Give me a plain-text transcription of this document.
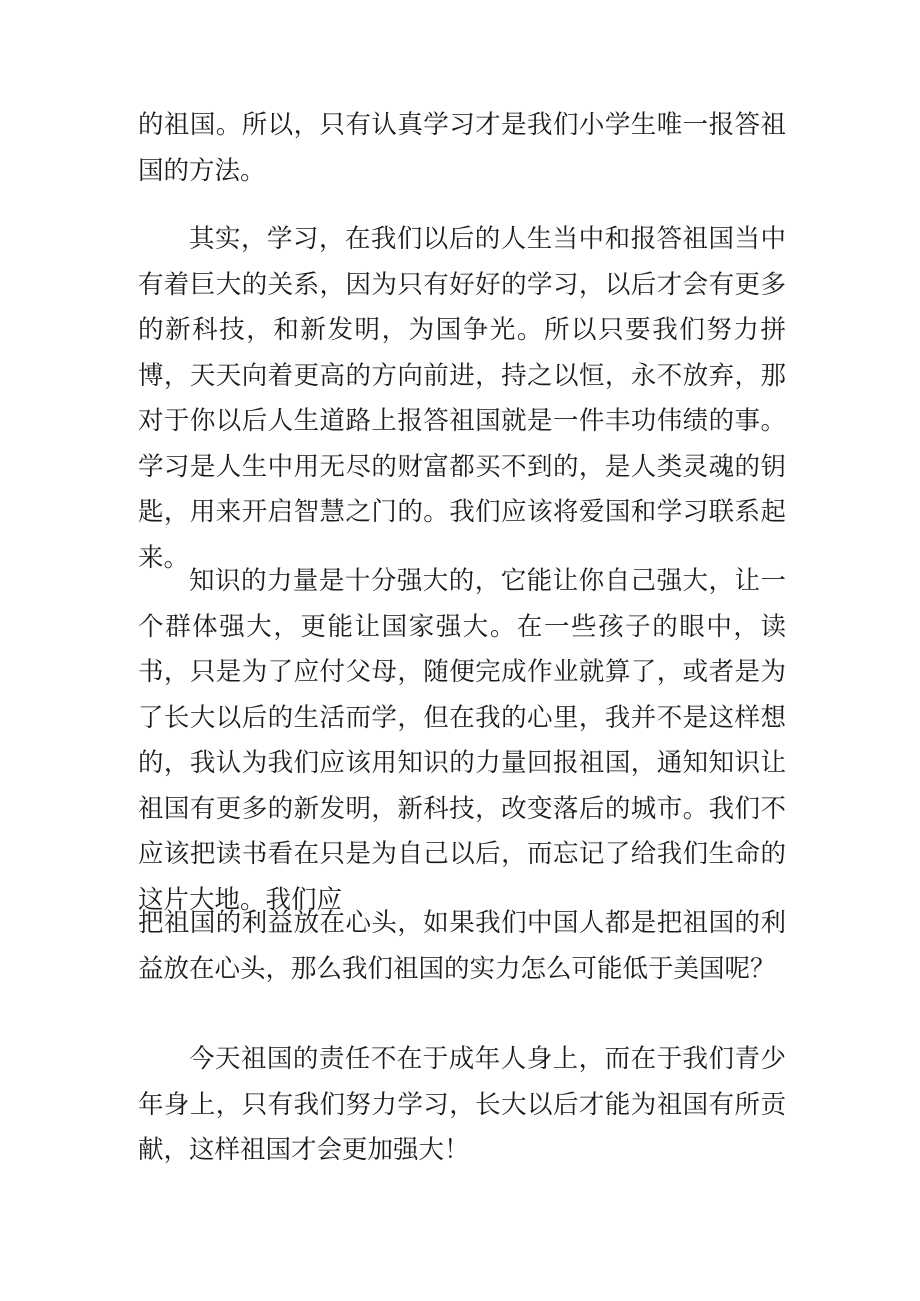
的祖国。所以，只有认真学习才是我们小学生唯一报答祖国的方法。

其实，学习，在我们以后的人生当中和报答祖国当中有着巨大的关系，因为只有好好的学习，以后才会有更多的新科技，和新发明，为国争光。所以只要我们努力拼博，天天向着更高的方向前进，持之以恒，永不放弃，那对于你以后人生道路上报答祖国就是一件丰功伟绩的事。学习是人生中用无尽的财富都买不到的，是人类灵魂的钥匙，用来开启智慧之门的。我们应该将爱国和学习联系起来。

知识的力量是十分强大的，它能让你自己强大，让一个群体强大，更能让国家强大。在一些孩子的眼中，读书，只是为了应付父母，随便完成作业就算了，或者是为了长大以后的生活而学，但在我的心里，我并不是这样想的，我认为我们应该用知识的力量回报祖国，通知知识让祖国有更多的新发明，新科技，改变落后的城市。我们不应该把读书看在只是为自己以后，而忘记了给我们生命的这片大地。我们应

把祖国的利益放在心头，如果我们中国人都是把祖国的利益放在心头，那么我们祖国的实力怎么可能低于美国呢？

今天祖国的责任不在于成年人身上，而在于我们青少年身上，只有我们努力学习，长大以后才能为祖国有所贡献，这样祖国才会更加强大！
